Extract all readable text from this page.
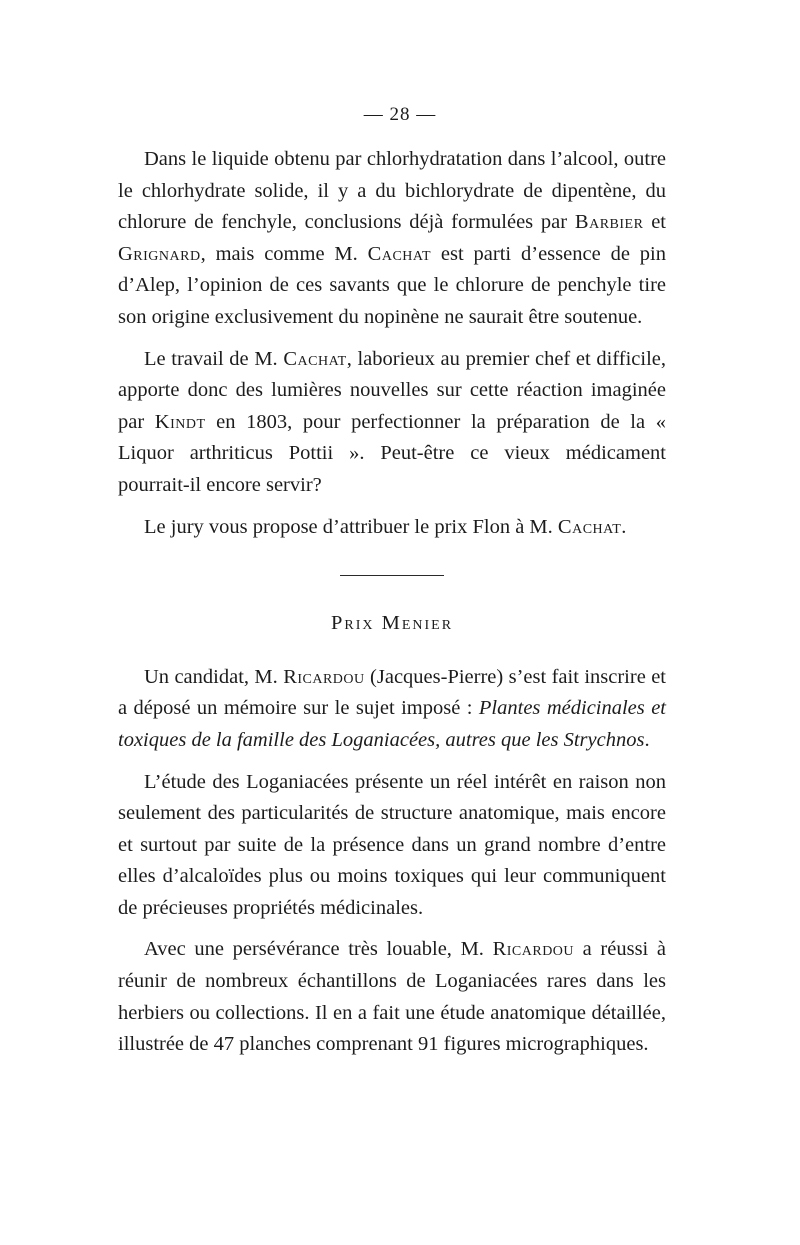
— 28 —

Dans le liquide obtenu par chlorhydratation dans l’alcool, outre le chlorhydrate solide, il y a du bichlorydrate de dipentène, du chlorure de fenchyle, conclusions déjà formulées par Barbier et Grignard, mais comme M. Cachat est parti d’essence de pin d’Alep, l’opinion de ces savants que le chlorure de penchyle tire son origine exclusivement du nopinène ne saurait être soutenue.

Le travail de M. Cachat, laborieux au premier chef et difficile, apporte donc des lumières nouvelles sur cette réaction imaginée par Kindt en 1803, pour perfectionner la préparation de la « Liquor arthriticus Pottii ». Peut-être ce vieux médicament pourrait-il encore servir?

Le jury vous propose d’attribuer le prix Flon à M. Cachat.

Prix Menier

Un candidat, M. Ricardou (Jacques-Pierre) s’est fait inscrire et a déposé un mémoire sur le sujet imposé : Plantes médicinales et toxiques de la famille des Loganiacées, autres que les Strychnos.

L’étude des Loganiacées présente un réel intérêt en raison non seulement des particularités de structure anatomique, mais encore et surtout par suite de la présence dans un grand nombre d’entre elles d’alcaloïdes plus ou moins toxiques qui leur communiquent de précieuses propriétés médicinales.

Avec une persévérance très louable, M. Ricardou a réussi à réunir de nombreux échantillons de Loganiacées rares dans les herbiers ou collections. Il en a fait une étude anatomique détaillée, illustrée de 47 planches comprenant 91 figures micrographiques.
